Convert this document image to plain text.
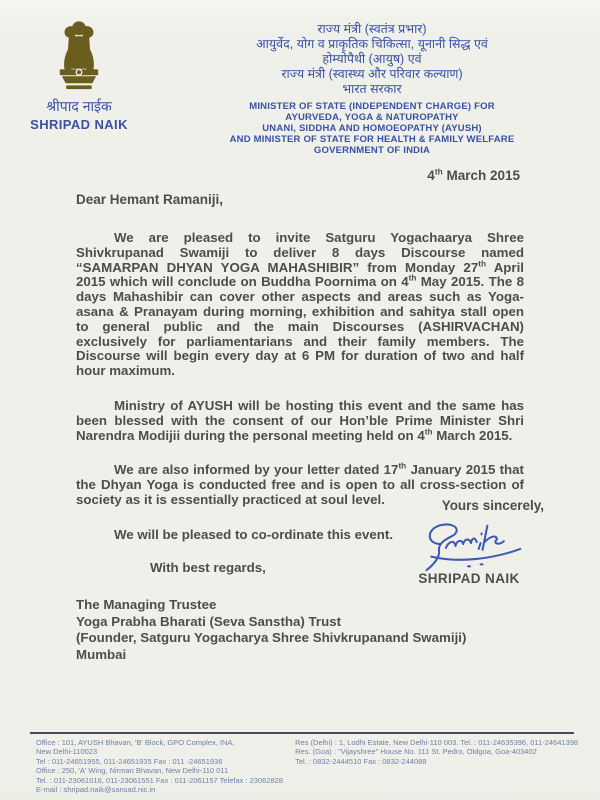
श्रीपाद नाईक
SHRIPAD NAIK
राज्य मंत्री (स्वतंत्र प्रभार)
आयुर्वेद, योग व प्राकृतिक चिकित्सा, यूनानी सिद्ध एवं
होम्योपैथी (आयुष) एवं
राज्य मंत्री (स्वास्थ्य और परिवार कल्याण)
भारत सरकार
MINISTER OF STATE (INDEPENDENT CHARGE) FOR
AYURVEDA, YOGA & NATUROPATHY
UNANI, SIDDHA AND HOMOEOPATHY (AYUSH)
AND MINISTER OF STATE FOR HEALTH & FAMILY WELFARE
GOVERNMENT OF INDIA
4th March 2015
Dear Hemant Ramaniji,

We are pleased to invite Satguru Yogachaarya Shree Shivkrupanad Swamiji to deliver 8 days Discourse named “SAMARPAN DHYAN YOGA MAHASHIBIR” from Monday 27th April 2015 which will conclude on Buddha Poornima on 4th May 2015. The 8 days Mahashibir can cover other aspects and areas such as Yoga-asana & Pranayam during morning, exhibition and sahitya stall open to general public and the main Discourses (ASHIRVACHAN) exclusively for parliamentarians and their family members. The Discourse will begin every day at 6 PM for duration of two and half hour maximum.

Ministry of AYUSH will be hosting this event and the same has been blessed with the consent of our Hon’ble Prime Minister Shri Narendra Modijii during the personal meeting held on 4th March 2015.

We are also informed by your letter dated 17th January 2015 that the Dhyan Yoga is conducted free and is open to all cross-section of society as it is essentially practiced at soul level.

We will be pleased to co-ordinate this event.

With best regards,

Yours sincerely,
SHRIPAD NAIK
The Managing Trustee
Yoga Prabha Bharati (Seva Sanstha) Trust
(Founder, Satguru Yogacharya Shree Shivkrupanand Swamiji)
Mumbai
Office : 101, AYUSH Bhavan, 'B' Block, GPO Complex, INA,
New Delhi-110023
Tel : 011-24651955, 011-24651935 Fax : 011 -24651936
Office : 250, 'A' Wing, Nirman Bhavan, New Delhi-110 011
Tel. : 011-23061016, 011-23061551 Fax : 011-2061157 Telefax : 23062828
E-mail : shripad.naik@sansad.nic.in
Res (Delhi) : 1, Lodhi Estate, New Delhi-110 003. Tel. : 011-24635396, 011-24641398
Res. (Goa) : "Vijayshree" House No. 111 St. Pedro, Oldgoa, Goa-403402
Tel. : 0832-2444510 Fax : 0832-244088
